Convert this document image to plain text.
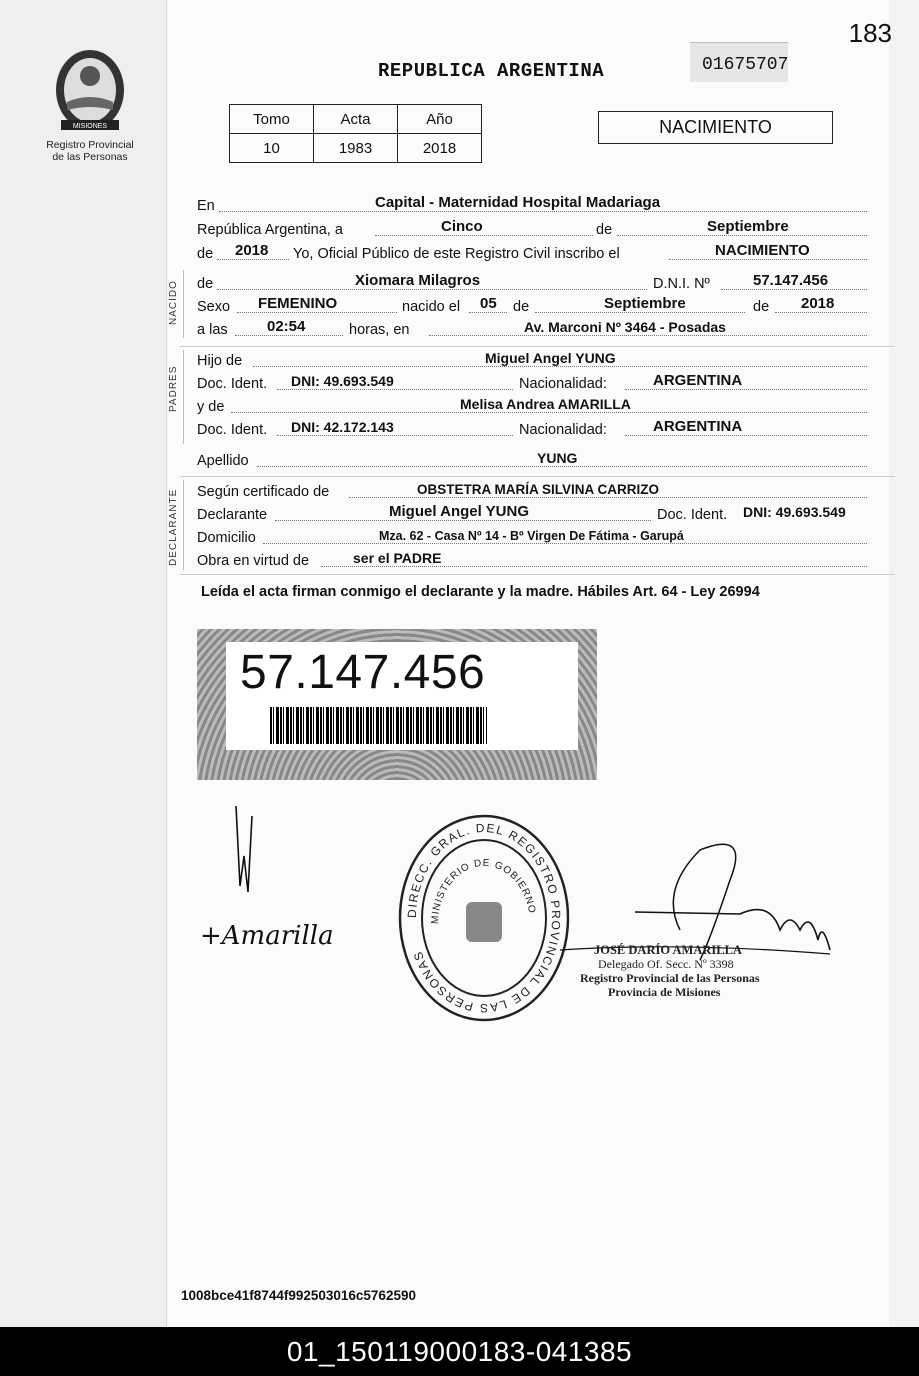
183
MISIONES
Registro Provincial
de las Personas
REPUBLICA ARGENTINA	01675707
Tomo	Acta	Año
10	1983	2018
NACIMIENTO
NACIDO
PADRES
DECLARANTE
En	Capital - Maternidad Hospital Madariaga
República Argentina, a	Cinco	de	Septiembre
de 2018 Yo, Oficial Público de este Registro Civil inscribo el	NACIMIENTO
de	Xiomara Milagros	D.N.I. Nº	57.147.456
Sexo FEMENINO	nacido el 05 de	Septiembre	de 2018
a las	02:54	horas, en	Av. Marconi Nº 3464 - Posadas
Hijo de	Miguel Angel YUNG
Doc. Ident. DNI: 49.693.549	Nacionalidad:	ARGENTINA
y de	Melisa Andrea AMARILLA
Doc. Ident. DNI: 42.172.143	Nacionalidad:	ARGENTINA
Apellido	YUNG
Según certificado de	OBSTETRA MARÍA SILVINA CARRIZO
Declarante	Miguel Angel YUNG	Doc. Ident. DNI: 49.693.549
Domicilio	Mza. 62 - Casa Nº 14 - Bº Virgen De Fátima - Garupá
Obra en virtud de	ser el PADRE
Leída el acta firman conmigo el declarante y la madre. Hábiles Art. 64 - Ley 26994
57.147.456
+Amarilla
DIRECC. GRAL. DEL REGISTRO PROVINCIAL DE LAS PERSONAS
MINISTERIO DE GOBIERNO
JOSÉ DARÍO AMARILLA
Delegado Of. Secc. Nº 3398
Registro Provincial de las Personas
Provincia de Misiones
1008bce41f8744f992503016c5762590
01_150119000183-041385
